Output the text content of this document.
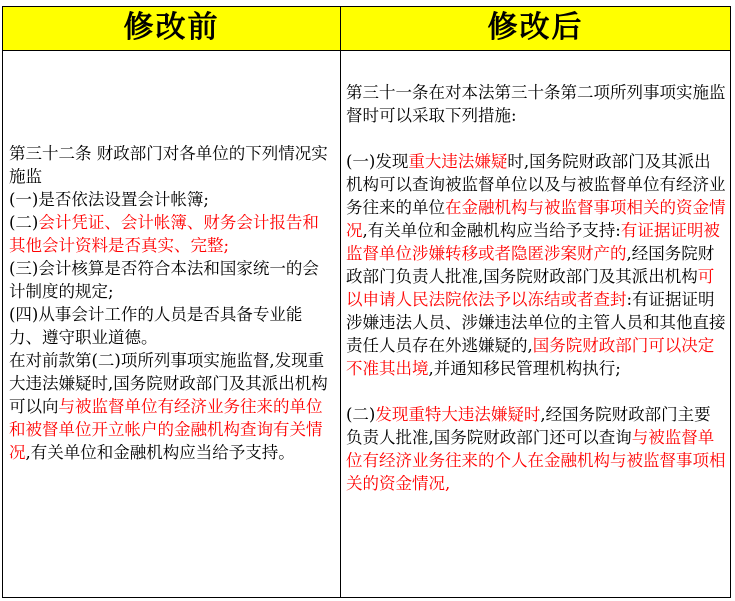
修改前	修改后

第三十二条 财政部门对各单位的下列情况实施监

(一)是否依法设置会计帐簿;

(二)会计凭证、会计帐簿、财务会计报告和其他会计资料是否真实、完整;

(三)会计核算是否符合本法和国家统一的会计制度的规定;

(四)从事会计工作的人员是否具备专业能力、遵守职业道德。

在对前款第(二)项所列事项实施监督,发现重大违法嫌疑时,国务院财政部门及其派出机构可以向与被监督单位有经济业务往来的单位和被督单位开立帐户的金融机构查询有关情况,有关单位和金融机构应当给予支持。

第三十一条在对本法第三十条第二项所列事项实施监督时可以采取下列措施:

(一)发现重大违法嫌疑时,国务院财政部门及其派出机构可以查询被监督单位以及与被监督单位有经济业务往来的单位在金融机构与被监督事项相关的资金情况,有关单位和金融机构应当给予支持:有证据证明被监督单位涉嫌转移或者隐匿涉案财产的,经国务院财政部门负责人批准,国务院财政部门及其派出机构可以申请人民法院依法予以冻结或者查封:有证据证明涉嫌违法人员、涉嫌违法单位的主管人员和其他直接责任人员存在外逃嫌疑的,国务院财政部门可以决定不准其出境,并通知移民管理机构执行;

(二)发现重特大违法嫌疑时,经国务院财政部门主要负责人批准,国务院财政部门还可以查询与被监督单位有经济业务往来的个人在金融机构与被监督事项相关的资金情况,
